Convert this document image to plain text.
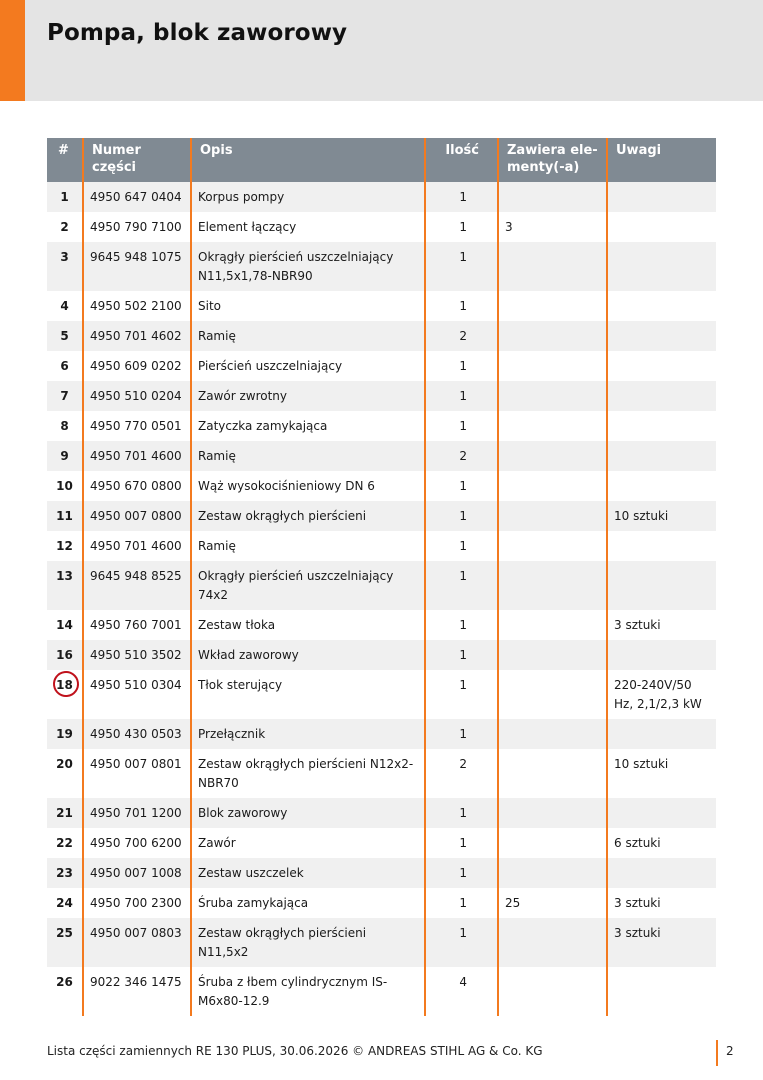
Pompa, blok zaworowy
#	Numer części	Opis	Ilość	Zawiera ele-menty(-a)	Uwagi
1	4950 647 0404	Korpus pompy	1		
2	4950 790 7100	Element łączący	1	3	
3	9645 948 1075	Okrągły pierścień uszczelniający N11,5x1,78-NBR90	1		
4	4950 502 2100	Sito	1		
5	4950 701 4602	Ramię	2		
6	4950 609 0202	Pierścień uszczelniający	1		
7	4950 510 0204	Zawór zwrotny	1		
8	4950 770 0501	Zatyczka zamykająca	1		
9	4950 701 4600	Ramię	2		
10	4950 670 0800	Wąż wysokociśnieniowy DN 6	1		
11	4950 007 0800	Zestaw okrągłych pierścieni	1		10 sztuki
12	4950 701 4600	Ramię	1		
13	9645 948 8525	Okrągły pierścień uszczelniający 74x2	1		
14	4950 760 7001	Zestaw tłoka	1		3 sztuki
16	4950 510 3502	Wkład zaworowy	1		
18	4950 510 0304	Tłok sterujący	1		220-240V/50 Hz, 2,1/2,3 kW
19	4950 430 0503	Przełącznik	1		
20	4950 007 0801	Zestaw okrągłych pierścieni N12x2-NBR70	2		10 sztuki
21	4950 701 1200	Blok zaworowy	1		
22	4950 700 6200	Zawór	1		6 sztuki
23	4950 007 1008	Zestaw uszczelek	1		
24	4950 700 2300	Śruba zamykająca	1	25	3 sztuki
25	4950 007 0803	Zestaw okrągłych pierścieni N11,5x2	1		3 sztuki
26	9022 346 1475	Śruba z łbem cylindrycznym IS-M6x80-12.9	4		
Lista części zamiennych RE 130 PLUS, 30.06.2026 © ANDREAS STIHL AG & Co. KG	2
